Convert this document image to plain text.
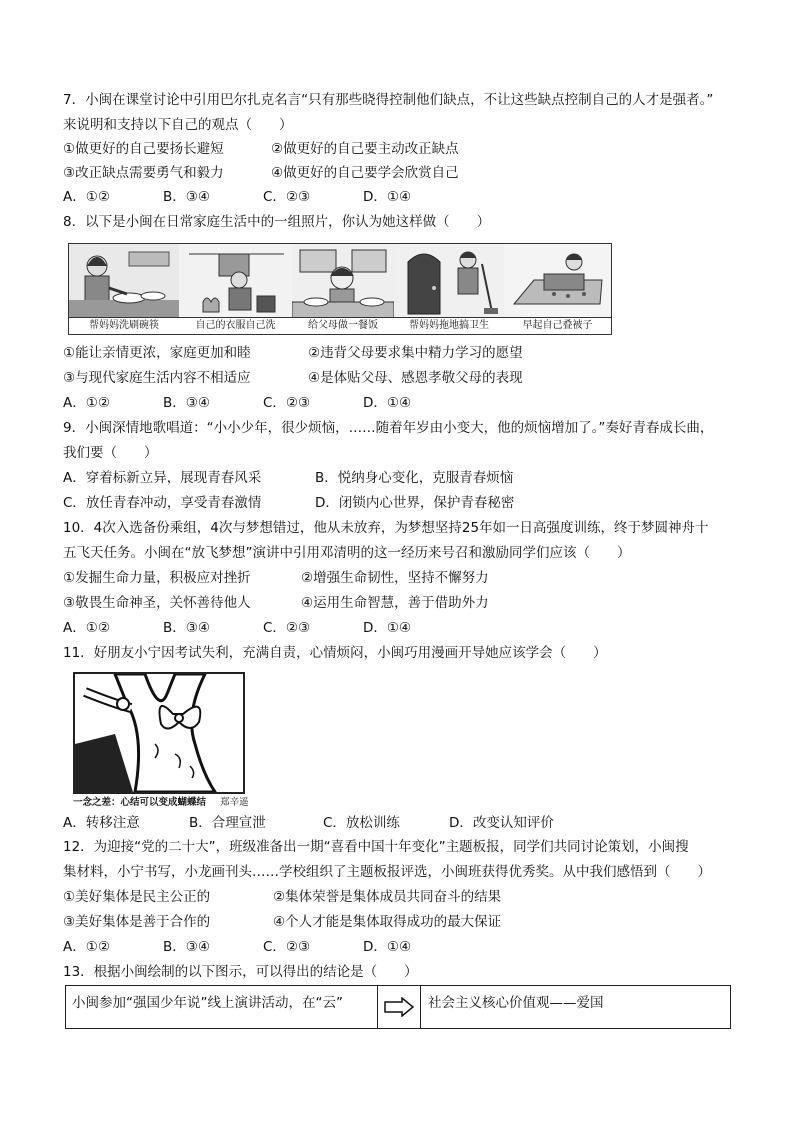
7．小闽在课堂讨论中引用巴尔扎克名言“只有那些晓得控制他们缺点，不让这些缺点控制自己的人才是强者。”
来说明和支持以下自己的观点（　　）
①做更好的自己要扬长避短	②做更好的自己要主动改正缺点
③改正缺点需要勇气和毅力	④做更好的自己要学会欣赏自己
A．①②	B．③④	C．②③	D．①④
8．以下是小闽在日常家庭生活中的一组照片，你认为她这样做（　　）
帮妈妈洗刷碗筷	自己的衣服自己洗	给父母做一餐饭	帮妈妈拖地搞卫生	早起自己叠被子
①能让亲情更浓，家庭更加和睦	②违背父母要求集中精力学习的愿望
③与现代家庭生活内容不相适应	④是体贴父母、感恩孝敬父母的表现
A．①②	B．③④	C．②③	D．①④
9．小闽深情地歌唱道：“小小少年，很少烦恼，……随着年岁由小变大，他的烦恼增加了。”奏好青春成长曲，
我们要（　　）
A．穿着标新立异，展现青春风采	B．悦纳身心变化，克服青春烦恼
C．放任青春冲动，享受青春激情	D．闭锁内心世界，保护青春秘密
10．4次入选备份乘组，4次与梦想错过，他从未放弃，为梦想坚持25年如一日高强度训练，终于梦圆神舟十
五飞天任务。小闽在“放飞梦想”演讲中引用邓清明的这一经历来号召和激励同学们应该（　　）
①发掘生命力量，积极应对挫折	②增强生命韧性，坚持不懈努力
③敬畏生命神圣，关怀善待他人	④运用生命智慧，善于借助外力
A．①②	B．③④	C．②③	D．①④
11．好朋友小宁因考试失利，充满自责，心情烦闷，小闽巧用漫画开导她应该学会（　　）
一念之差：心结可以变成蝴蝶结 郑辛遥
A．转移注意	B．合理宣泄	C．放松训练	D．改变认知评价
12．为迎接“党的二十大”，班级准备出一期“喜看中国十年变化”主题板报，同学们共同讨论策划，小闽搜
集材料，小宁书写，小龙画刊头……学校组织了主题板报评选，小闽班获得优秀奖。从中我们感悟到（　　）
①美好集体是民主公正的	②集体荣誉是集体成员共同奋斗的结果
③美好集体是善于合作的	④个人才能是集体取得成功的最大保证
A．①②	B．③④	C．②③	D．①④
13．根据小闽绘制的以下图示，可以得出的结论是（　　）
小闽参加“强国少年说”线上演讲活动，在“云”	社会主义核心价值观——爱国
